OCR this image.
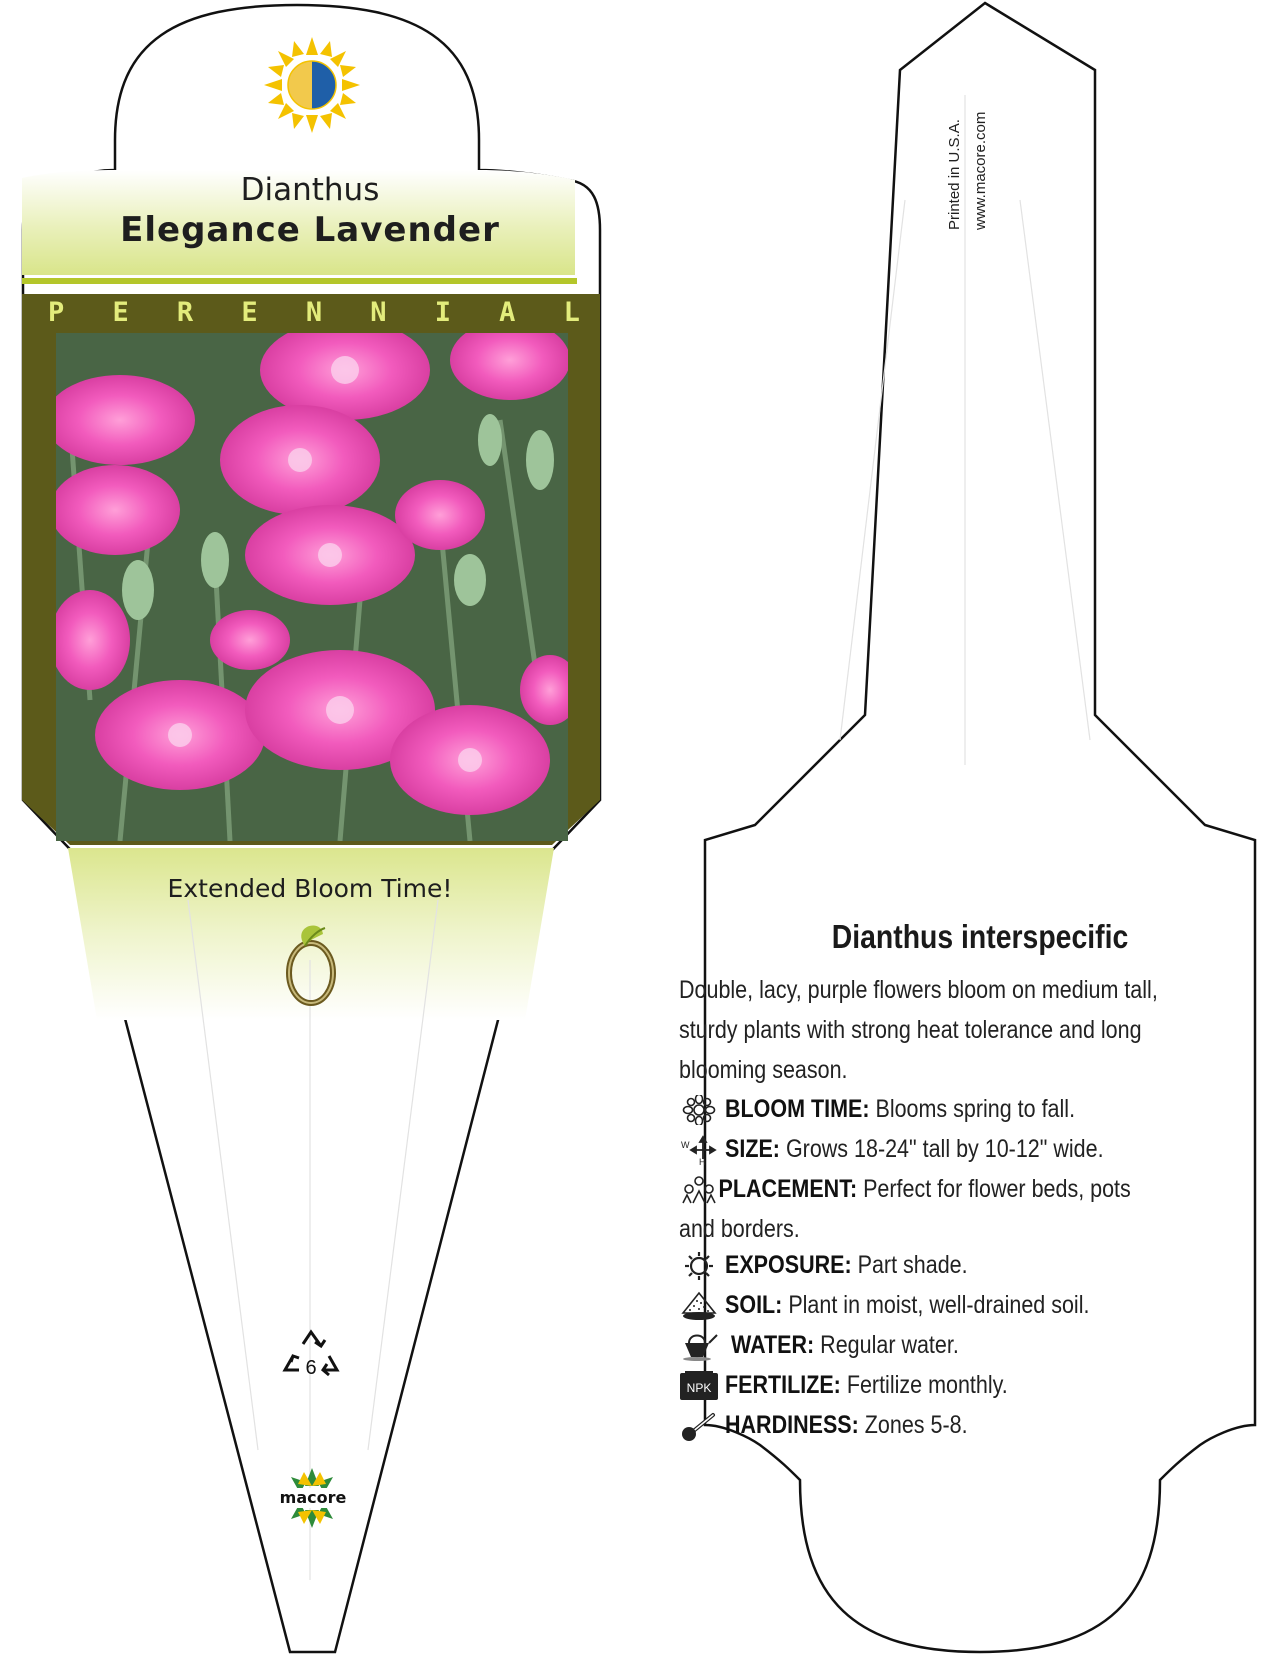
Dianthus
Elegance Lavender
P E R E N N I A L
Extended Bloom Time!
6
macore
Printed in U.S.A. www.macore.com
Dianthus interspecific
Double, lacy, purple flowers bloom on medium tall, sturdy plants with strong heat tolerance and long blooming season.
BLOOM TIME: Blooms spring to fall.
W
H SIZE: Grows 18-24" tall by 10-12" wide.
PLACEMENT: Perfect for flower beds, pots and borders.
EXPOSURE: Part shade.
SOIL: Plant in moist, well-drained soil.
WATER: Regular water.
NPK FERTILIZE: Fertilize monthly.
HARDINESS: Zones 5-8.
